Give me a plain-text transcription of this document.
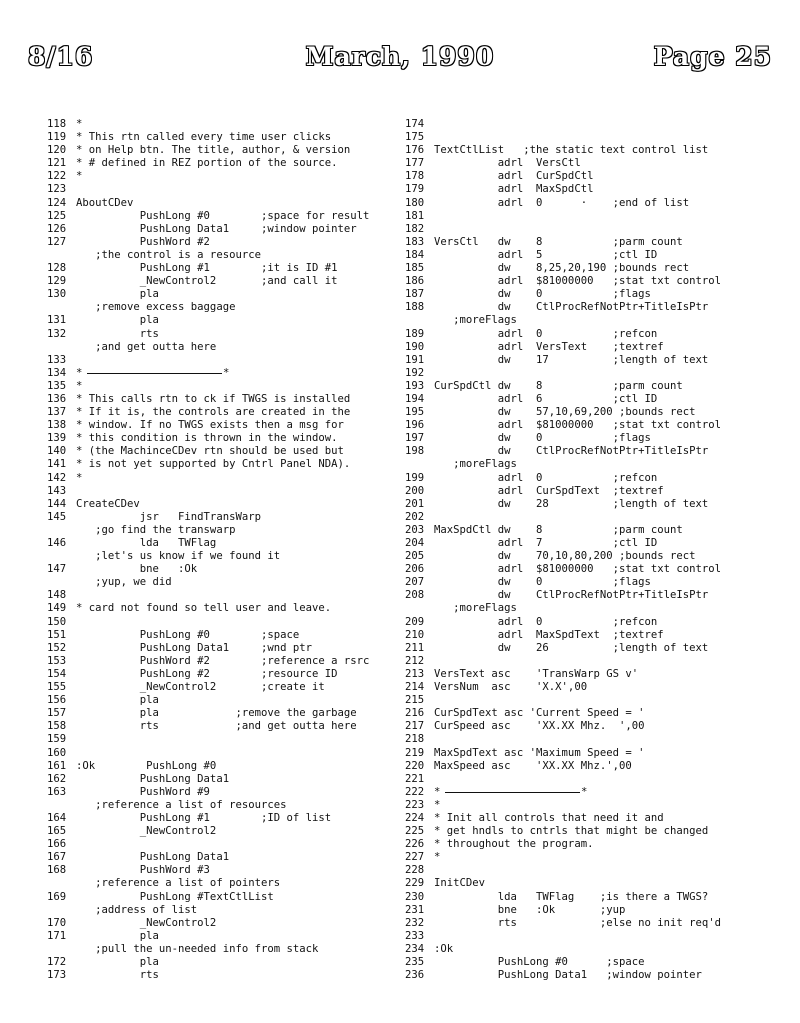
8/16	March, 1990	Page 25
118 *
119 * This rtn called every time user clicks
120 * on Help btn. The title, author, & version
121 * # defined in REZ portion of the source.
122 *
123
124 AboutCDev
125 PushLong #0        ;space for result
126 PushLong Data1     ;window pointer
127 PushWord #2
;the control is a resource
128 PushLong #1        ;it is ID #1
129 _NewControl2       ;and call it
130 pla
;remove excess baggage
131 pla
132 rts
;and get outta here
133
134 *	*
135 *
136 * This calls rtn to ck if TWGS is installed
137 * If it is, the controls are created in the
138 * window. If no TWGS exists then a msg for
139 * this condition is thrown in the window.
140 * (the MachinceCDev rtn should be used but
141 * is not yet supported by Cntrl Panel NDA).
142 *
143
144 CreateCDev
145 jsr   FindTransWarp
;go find the transwarp
146 lda   TWFlag
;let's us know if we found it
147 bne   :Ok
;yup, we did
148
149 * card not found so tell user and leave.
150
151 PushLong #0        ;space
152 PushLong Data1     ;wnd ptr
153 PushWord #2        ;reference a rsrc
154 PushLong #2        ;resource ID
155 _NewControl2       ;create it
156 pla
157 pla            ;remove the garbage
158 rts            ;and get outta here
159
160
161 :Ok        PushLong #0
162 PushLong Data1
163 PushWord #9
;reference a list of resources
164 PushLong #1        ;ID of list
165 _NewControl2
166
167 PushLong Data1
168 PushWord #3
;reference a list of pointers
169 PushLong #TextCtlList
;address of list
170 _NewControl2
171 pla
;pull the un-needed info from stack
172 pla
173 rts
174
175
176 TextCtlList   ;the static text control list
177 adrl  VersCtl
178 adrl  CurSpdCtl
179 adrl  MaxSpdCtl
180 adrl  0      ·    ;end of list
181
182
183 VersCtl   dw    8           ;parm count
184 adrl  5           ;ctl ID
185 dw    8,25,20,190 ;bounds rect
186 adrl  $81000000   ;stat txt control
187 dw    0           ;flags
188 dw    CtlProcRefNotPtr+TitleIsPtr
;moreFlags
189 adrl  0           ;refcon
190 adrl  VersText    ;textref
191 dw    17          ;length of text
192
193 CurSpdCtl dw    8           ;parm count
194 adrl  6           ;ctl ID
195 dw    57,10,69,200 ;bounds rect
196 adrl  $81000000   ;stat txt control
197 dw    0           ;flags
198 dw    CtlProcRefNotPtr+TitleIsPtr
;moreFlags
199 adrl  0           ;refcon
200 adrl  CurSpdText  ;textref
201 dw    28          ;length of text
202
203 MaxSpdCtl dw    8           ;parm count
204 adrl  7           ;ctl ID
205 dw    70,10,80,200 ;bounds rect
206 adrl  $81000000   ;stat txt control
207 dw    0           ;flags
208 dw    CtlProcRefNotPtr+TitleIsPtr
;moreFlags
209 adrl  0           ;refcon
210 adrl  MaxSpdText  ;textref
211 dw    26          ;length of text
212
213 VersText asc    'TransWarp GS v'
214 VersNum  asc    'X.X',00
215
216 CurSpdText asc 'Current Speed = '
217 CurSpeed asc    'XX.XX Mhz.  ',00
218
219 MaxSpdText asc 'Maximum Speed = '
220 MaxSpeed asc    'XX.XX Mhz.',00
221
222 *	*
223 *
224 * Init all controls that need it and
225 * get hndls to cntrls that might be changed
226 * throughout the program.
227 *
228
229 InitCDev
230 lda   TWFlag    ;is there a TWGS?
231 bne   :Ok       ;yup
232 rts             ;else no init req'd
233
234 :Ok
235 PushLong #0      ;space
236 PushLong Data1   ;window pointer
